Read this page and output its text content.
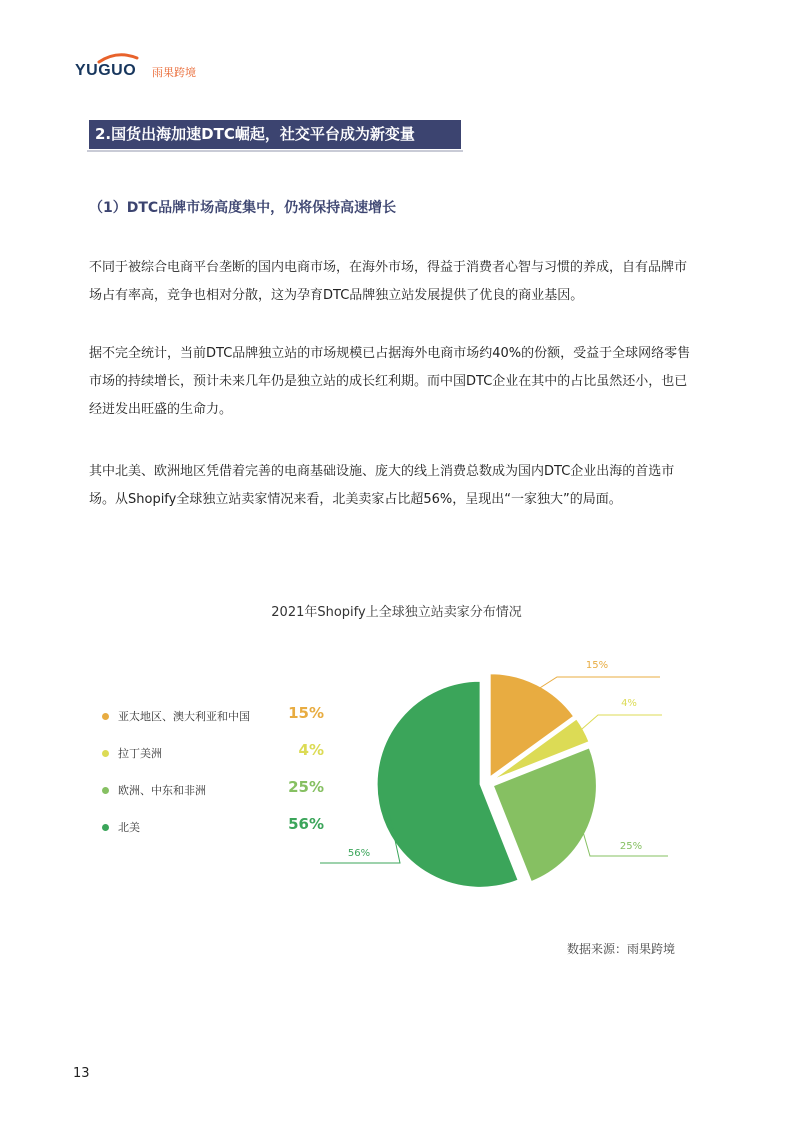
YUGUO 雨果跨境
2.国货出海加速DTC崛起，社交平台成为新变量
（1）DTC品牌市场高度集中，仍将保持高速增长

不同于被综合电商平台垄断的国内电商市场，在海外市场，得益于消费者心智与习惯的养成，自有品牌市场占有率高，竞争也相对分散，这为孕育DTC品牌独立站发展提供了优良的商业基因。

据不完全统计，当前DTC品牌独立站的市场规模已占据海外电商市场约40%的份额，受益于全球网络零售市场的持续增长，预计未来几年仍是独立站的成长红利期。而中国DTC企业在其中的占比虽然还小，也已经迸发出旺盛的生命力。

其中北美、欧洲地区凭借着完善的电商基础设施、庞大的线上消费总数成为国内DTC企业出海的首选市场。从Shopify全球独立站卖家情况来看，北美卖家占比超56%，呈现出“一家独大”的局面。

2021年Shopify上全球独立站卖家分布情况
亚太地区、澳大利亚和中国	15%
拉丁美洲	4%
欧洲、中东和非洲	25%
北美	56%
15%
4%
25%
56%
数据来源：雨果跨境
13
